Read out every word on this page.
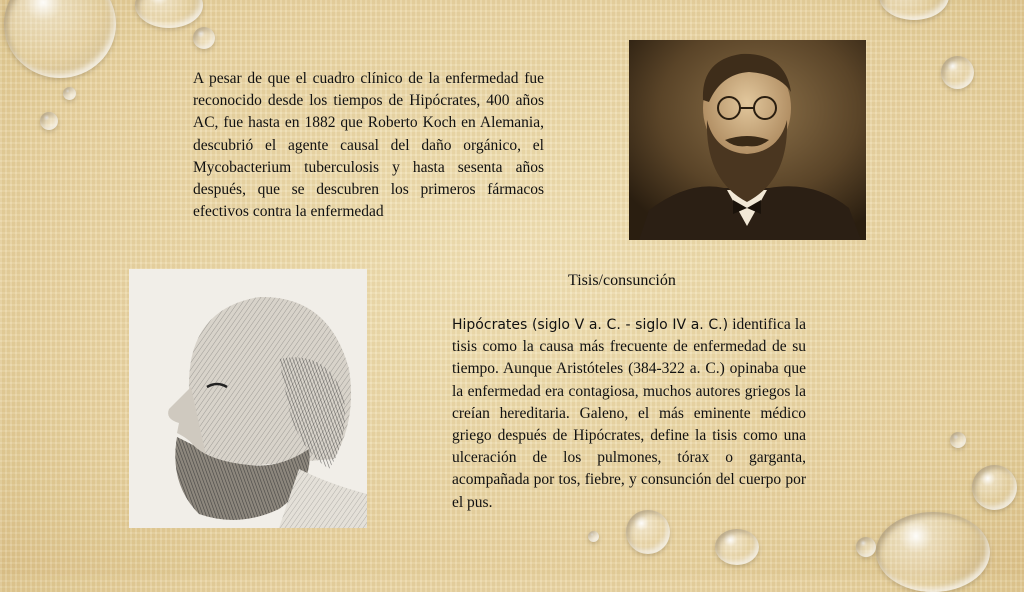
A pesar de que el cuadro clínico de la enfermedad fue reconocido desde los tiempos de Hipócrates, 400 años AC, fue hasta en 1882 que Roberto Koch en Alemania, descubrió el agente causal del daño orgánico, el Mycobacterium tuberculosis y hasta sesenta años después, que se descubren los primeros fármacos efectivos contra la enfermedad

Tisis/consunción

Hipócrates (siglo V a. C. - siglo IV a. C.) identifica la tisis como la causa más frecuente de enfermedad de su tiempo. Aunque Aristóteles (384-322 a. C.) opinaba que la enfermedad era contagiosa, muchos autores griegos la creían hereditaria. Galeno, el más eminente médico griego después de Hipócrates, define la tisis como una ulceración de los pulmones, tórax o garganta, acompañada por tos, fiebre, y consunción del cuerpo por el pus.
